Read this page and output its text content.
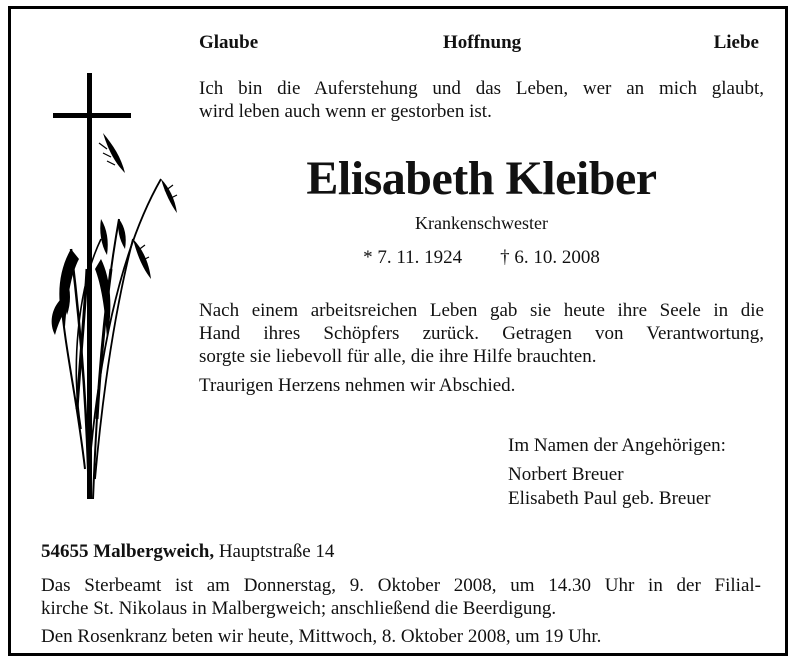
Glaube	Hoffnung	Liebe
Ich bin die Auferstehung und das Leben, wer an mich glaubt,
wird leben auch wenn er gestorben ist.
Elisabeth Kleiber
Krankenschwester
* 7. 11. 1924 † 6. 10. 2008
Nach einem arbeitsreichen Leben gab sie heute ihre Seele in die
Hand ihres Schöpfers zurück. Getragen von Verantwortung,
sorgte sie liebevoll für alle, die ihre Hilfe brauchten.
Traurigen Herzens nehmen wir Abschied.
Im Namen der Angehörigen:
Norbert Breuer
Elisabeth Paul geb. Breuer
54655 Malbergweich, Hauptstraße 14
Das Sterbeamt ist am Donnerstag, 9. Oktober 2008, um 14.30 Uhr in der Filial-
kirche St. Nikolaus in Malbergweich; anschließend die Beerdigung.
Den Rosenkranz beten wir heute, Mittwoch, 8. Oktober 2008, um 19 Uhr.
